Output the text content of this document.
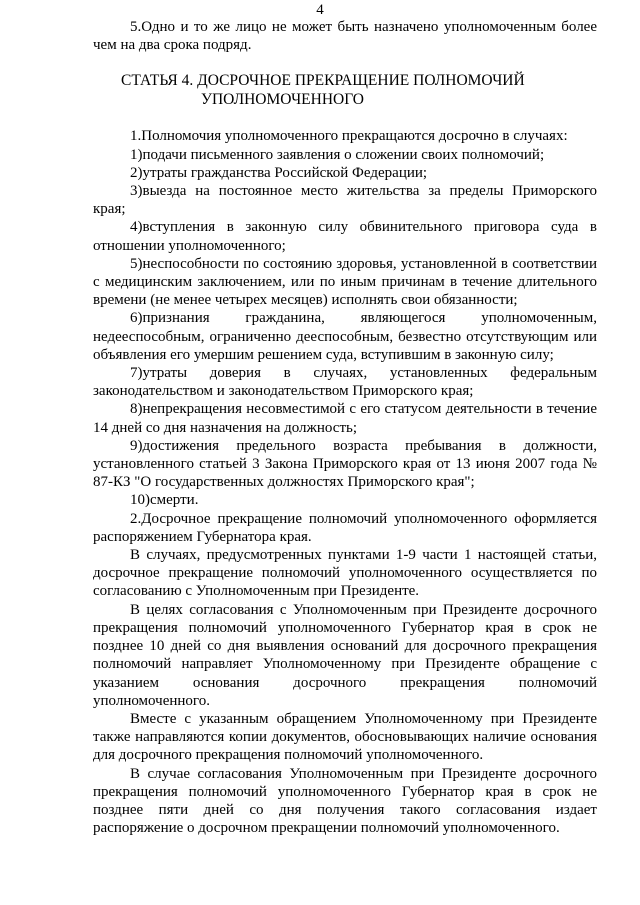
4

5.Одно и то же лицо не может быть назначено уполномоченным более чем на два срока подряд.

СТАТЬЯ 4. ДОСРОЧНОЕ ПРЕКРАЩЕНИЕ ПОЛНОМОЧИЙ
УПОЛНОМОЧЕННОГО

1.Полномочия уполномоченного прекращаются досрочно в случаях:

1)подачи письменного заявления о сложении своих полномочий;

2)утраты гражданства Российской Федерации;

3)выезда на постоянное место жительства за пределы Приморского края;

4)вступления в законную силу обвинительного приговора суда в отношении уполномоченного;

5)неспособности по состоянию здоровья, установленной в соответствии с медицинским заключением, или по иным причинам в течение длительного времени (не менее четырех месяцев) исполнять свои обязанности;

6)признания гражданина, являющегося уполномоченным, недееспособным, ограниченно дееспособным, безвестно отсутствующим или объявления его умершим решением суда, вступившим в законную силу;

7)утраты доверия в случаях, установленных федеральным законодательством и законодательством Приморского края;

8)непрекращения несовместимой с его статусом деятельности в течение 14 дней со дня назначения на должность;

9)достижения предельного возраста пребывания в должности, установленного статьей 3 Закона Приморского края от 13 июня 2007 года № 87-КЗ "О государственных должностях Приморского края";

10)смерти.

2.Досрочное прекращение полномочий уполномоченного оформляется распоряжением Губернатора края.

В случаях, предусмотренных пунктами 1-9 части 1 настоящей статьи, досрочное прекращение полномочий уполномоченного осуществляется по согласованию с Уполномоченным при Президенте.

В целях согласования с Уполномоченным при Президенте досрочного прекращения полномочий уполномоченного Губернатор края в срок не позднее 10 дней со дня выявления оснований для досрочного прекращения полномочий направляет Уполномоченному при Президенте обращение с указанием основания досрочного прекращения полномочий уполномоченного.

Вместе с указанным обращением Уполномоченному при Президенте также направляются копии документов, обосновывающих наличие основания для досрочного прекращения полномочий уполномоченного.

В случае согласования Уполномоченным при Президенте досрочного прекращения полномочий уполномоченного Губернатор края в срок не позднее пяти дней со дня получения такого согласования издает распоряжение о досрочном прекращении полномочий уполномоченного.
